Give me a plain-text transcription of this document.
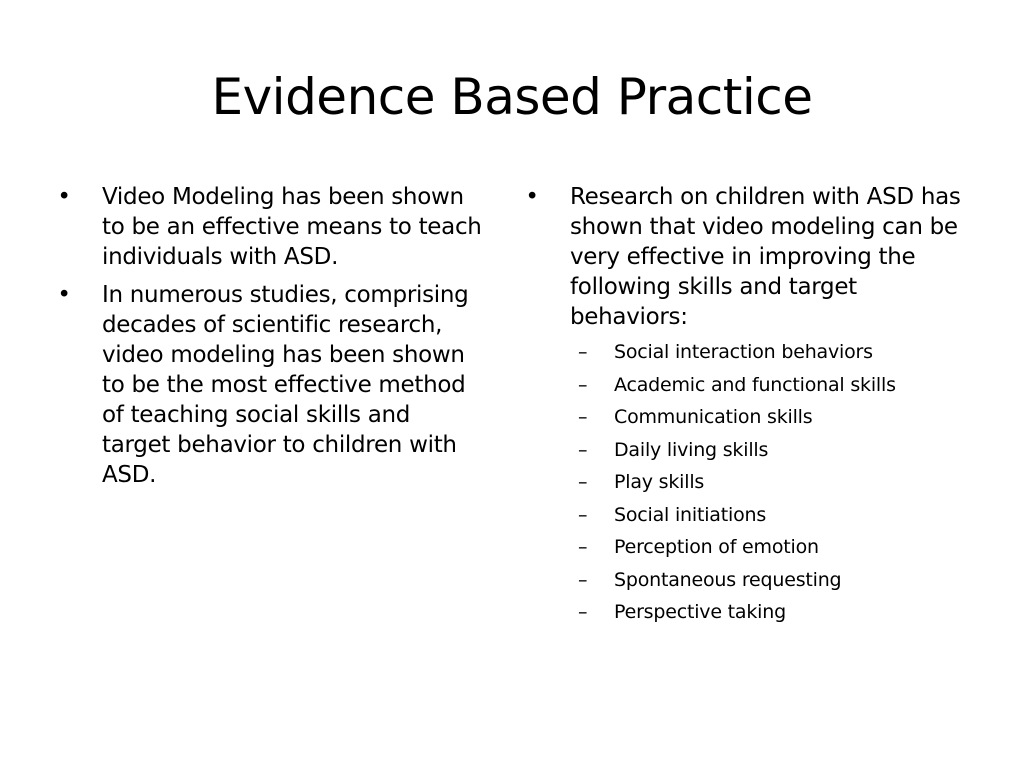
Evidence Based Practice
• Video Modeling has been shown to be an effective means to teach individuals with ASD.
• In numerous studies, comprising decades of scientific research, video modeling has been shown to be the most effective method of teaching social skills and target behavior to children with ASD.
• Research on children with ASD has shown that video modeling can be very effective in improving the following skills and target behaviors:
– Social interaction behaviors
– Academic and functional skills
– Communication skills
– Daily living skills
– Play skills
– Social initiations
– Perception of emotion
– Spontaneous requesting
– Perspective taking
